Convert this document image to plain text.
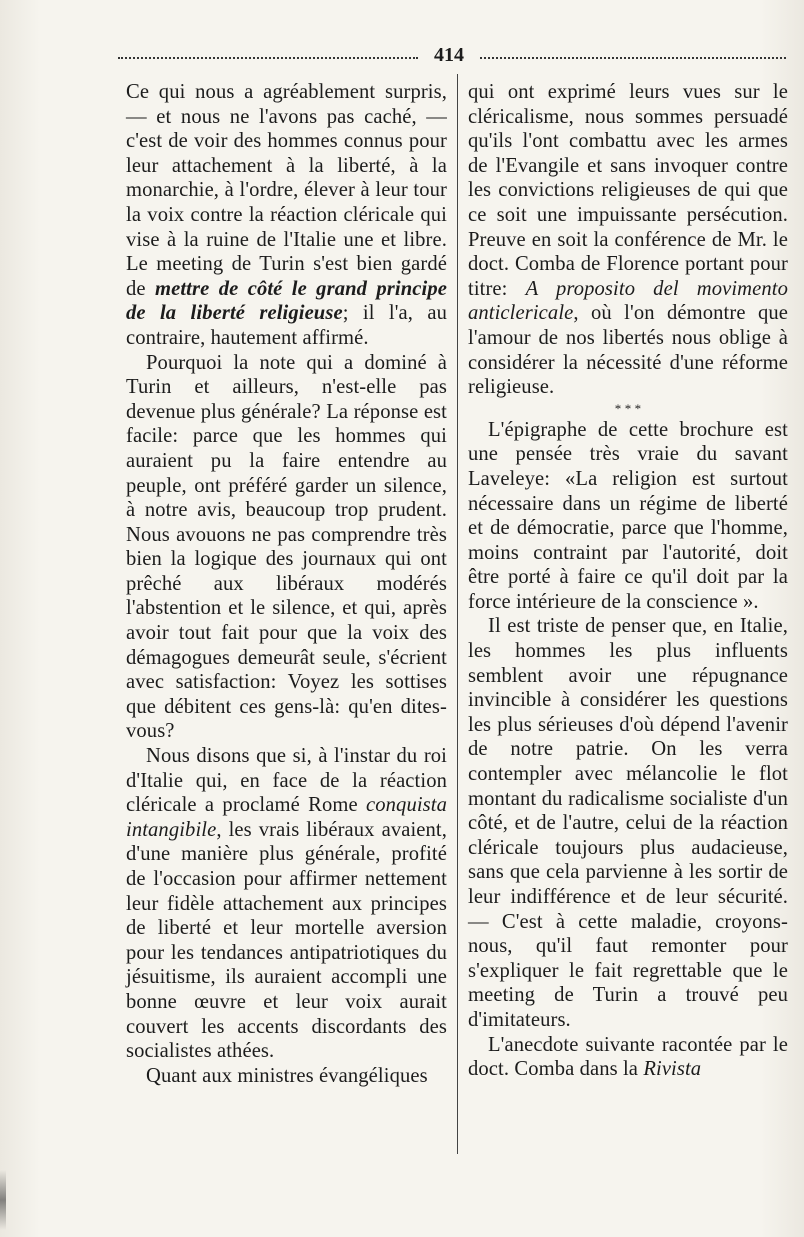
414

Ce qui nous a agréablement surpris, — et nous ne l'avons pas caché, — c'est de voir des hommes connus pour leur attachement à la liberté, à la monarchie, à l'ordre, élever à leur tour la voix contre la réaction cléricale qui vise à la ruine de l'Italie une et libre. Le meeting de Turin s'est bien gardé de mettre de côté le grand principe de la liberté religieuse; il l'a, au contraire, hautement affirmé.

Pourquoi la note qui a dominé à Turin et ailleurs, n'est-elle pas devenue plus générale? La réponse est facile: parce que les hommes qui auraient pu la faire entendre au peuple, ont préféré garder un silence, à notre avis, beaucoup trop prudent. Nous avouons ne pas comprendre très bien la logique des journaux qui ont prêché aux libéraux modérés l'abstention et le silence, et qui, après avoir tout fait pour que la voix des démagogues demeurât seule, s'écrient avec satisfaction: Voyez les sottises que débitent ces gens-là: qu'en dites-vous?

Nous disons que si, à l'instar du roi d'Italie qui, en face de la réaction cléricale a proclamé Rome conquista intangibile, les vrais libéraux avaient, d'une manière plus générale, profité de l'occasion pour affirmer nettement leur fidèle attachement aux principes de liberté et leur mortelle aversion pour les tendances antipatriotiques du jésuitisme, ils auraient accompli une bonne œuvre et leur voix aurait couvert les accents discordants des socialistes athées.

Quant aux ministres évangéliques

qui ont exprimé leurs vues sur le cléricalisme, nous sommes persuadé qu'ils l'ont combattu avec les armes de l'Evangile et sans invoquer contre les convictions religieuses de qui que ce soit une impuissante persécution. Preuve en soit la conférence de Mr. le doct. Comba de Florence portant pour titre: A proposito del movimento anticlericale, où l'on démontre que l'amour de nos libertés nous oblige à considérer la nécessité d'une réforme religieuse.

* * *

L'épigraphe de cette brochure est une pensée très vraie du savant Laveleye: «La religion est surtout nécessaire dans un régime de liberté et de démocratie, parce que l'homme, moins contraint par l'autorité, doit être porté à faire ce qu'il doit par la force intérieure de la conscience ».

Il est triste de penser que, en Italie, les hommes les plus influents semblent avoir une répugnance invincible à considérer les questions les plus sérieuses d'où dépend l'avenir de notre patrie. On les verra contempler avec mélancolie le flot montant du radicalisme socialiste d'un côté, et de l'autre, celui de la réaction cléricale toujours plus audacieuse, sans que cela parvienne à les sortir de leur indifférence et de leur sécurité. — C'est à cette maladie, croyons-nous, qu'il faut remonter pour s'expliquer le fait regrettable que le meeting de Turin a trouvé peu d'imitateurs.

L'anecdote suivante racontée par le doct. Comba dans la Rivista
